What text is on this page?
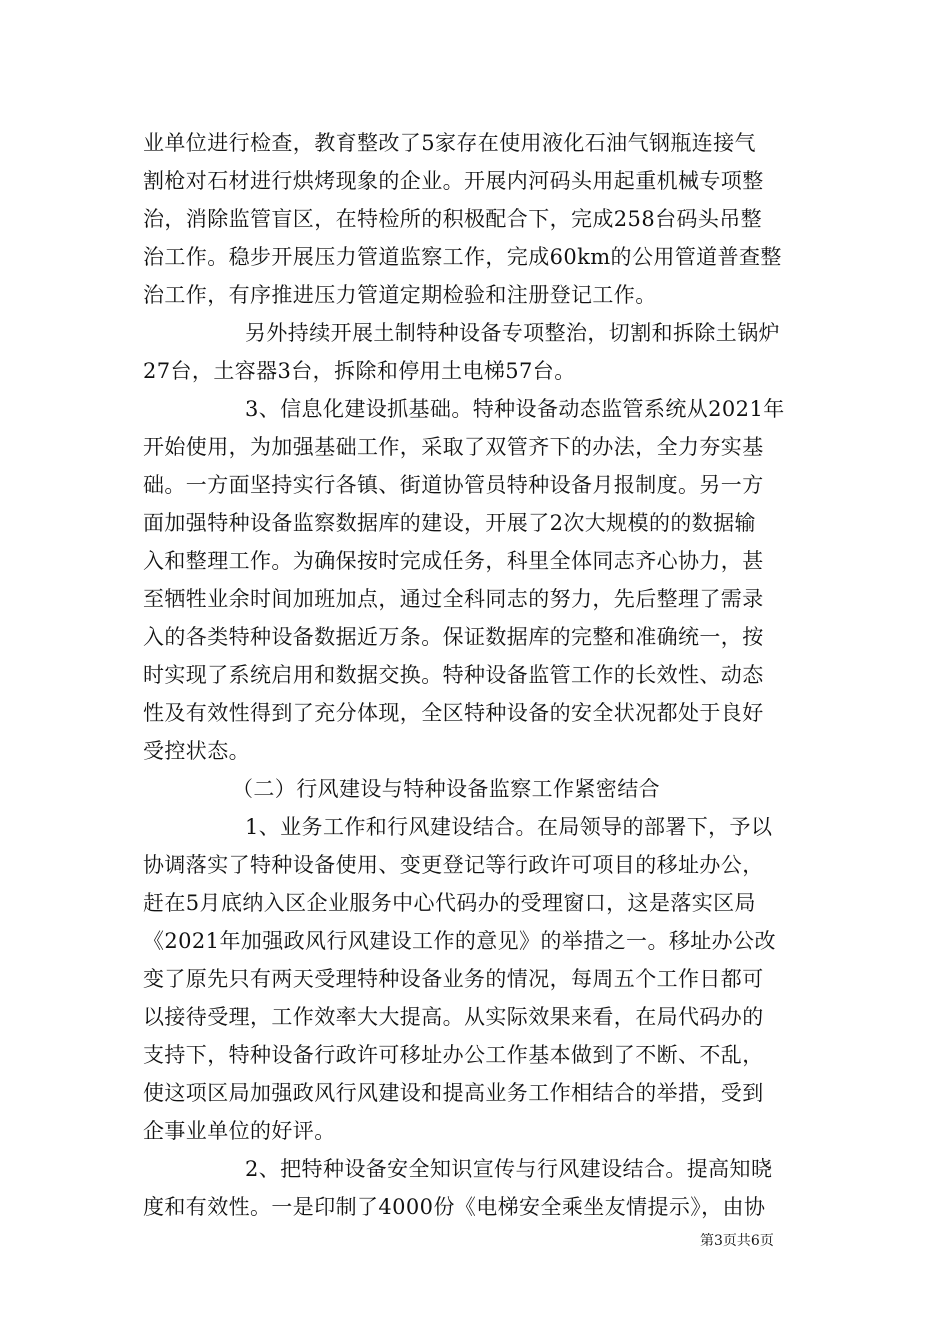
业单位进行检查，教育整改了5家存在使用液化石油气钢瓶连接气
割枪对石材进行烘烤现象的企业。开展内河码头用起重机械专项整
治，消除监管盲区，在特检所的积极配合下，完成258台码头吊整
治工作。稳步开展压力管道监察工作，完成60km的公用管道普查整
治工作，有序推进压力管道定期检验和注册登记工作。
另外持续开展土制特种设备专项整治，切割和拆除土锅炉
27台，土容器3台，拆除和停用土电梯57台。
3、信息化建设抓基础。特种设备动态监管系统从2021年
开始使用，为加强基础工作，采取了双管齐下的办法，全力夯实基
础。一方面坚持实行各镇、街道协管员特种设备月报制度。另一方
面加强特种设备监察数据库的建设，开展了2次大规模的的数据输
入和整理工作。为确保按时完成任务，科里全体同志齐心协力，甚
至牺牲业余时间加班加点，通过全科同志的努力，先后整理了需录
入的各类特种设备数据近万条。保证数据库的完整和准确统一，按
时实现了系统启用和数据交换。特种设备监管工作的长效性、动态
性及有效性得到了充分体现，全区特种设备的安全状况都处于良好
受控状态。
（二）行风建设与特种设备监察工作紧密结合
1、业务工作和行风建设结合。在局领导的部署下，予以
协调落实了特种设备使用、变更登记等行政许可项目的移址办公，
赶在5月底纳入区企业服务中心代码办的受理窗口，这是落实区局
《2021年加强政风行风建设工作的意见》的举措之一。移址办公改
变了原先只有两天受理特种设备业务的情况，每周五个工作日都可
以接待受理，工作效率大大提高。从实际效果来看，在局代码办的
支持下，特种设备行政许可移址办公工作基本做到了不断、不乱，
使这项区局加强政风行风建设和提高业务工作相结合的举措，受到
企事业单位的好评。
2、把特种设备安全知识宣传与行风建设结合。提高知晓
度和有效性。一是印制了4000份《电梯安全乘坐友情提示》，由协
第3页共6页
